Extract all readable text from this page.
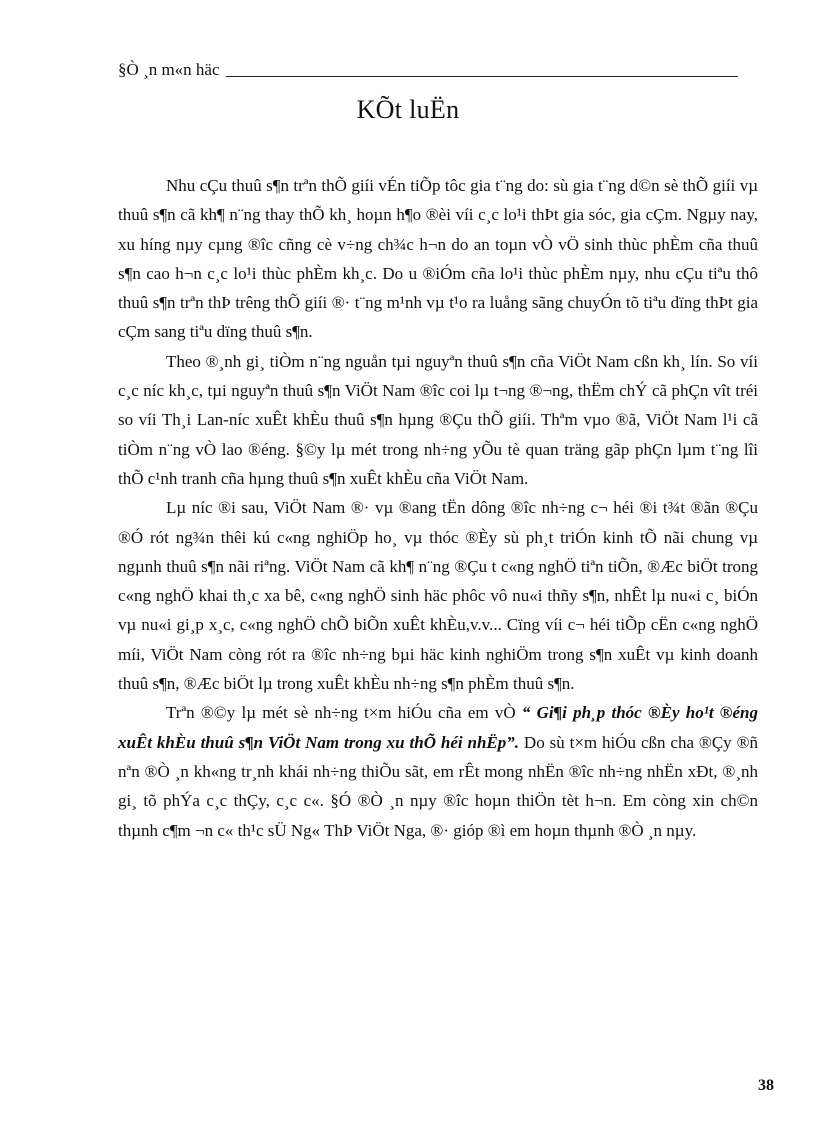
§Ò ¸n m«n häc
KÕt luËn

Nhu cÇu thuû s¶n trªn thÕ giíi vÉn tiÕp tôc gia t¨ng do: sù gia t¨ng d©n sè thÕ giíi vµ thuû s¶n cã kh¶ n¨ng thay thÕ kh¸ hoµn h¶o ®èi víi c¸c lo¹i thÞt gia sóc, gia cÇm. Ngµy nay, xu híng nµy cµng ®îc cñng cè v÷ng ch¾c h¬n do an toµn vÒ vÖ sinh thùc phÈm cña thuû s¶n cao h¬n c¸c lo¹i thùc phÈm kh¸c. Do u ®iÓm cña lo¹i thùc phÈm nµy, nhu cÇu tiªu thô thuû s¶n trªn thÞ trêng thÕ giíi ®· t¨ng m¹nh vµ t¹o ra luång sãng chuyÓn tõ tiªu dïng thÞt gia cÇm sang tiªu dïng thuû s¶n.

Theo ®¸nh gi¸ tiÒm n¨ng nguån tµi nguyªn thuû s¶n cña ViÖt Nam cßn kh¸ lín. So víi c¸c níc kh¸c, tµi nguyªn thuû s¶n ViÖt Nam ®îc coi lµ t¬ng ®¬ng, thËm chÝ cã phÇn vît tréi so víi Th¸i Lan-níc xuÊt khÈu thuû s¶n hµng ®Çu thÕ giíi. Thªm vµo ®ã, ViÖt Nam l¹i cã tiÒm n¨ng vÒ lao ®éng. §©y lµ mét trong nh÷ng yÕu tè quan träng gãp phÇn lµm t¨ng lîi thÕ c¹nh tranh cña hµng thuû s¶n xuÊt khÈu cña ViÖt Nam.

Lµ níc ®i sau, ViÖt Nam ®· vµ ®ang tËn dông ®îc nh÷ng c¬ héi ®i t¾t ®ãn ®Çu ®Ó rót ng¾n thêi kú c«ng nghiÖp ho¸ vµ thóc ®Èy sù ph¸t triÓn kinh tÕ nãi chung vµ ngµnh thuû s¶n nãi riªng. ViÖt Nam cã kh¶ n¨ng ®Çu t c«ng nghÖ tiªn tiÕn, ®Æc biÖt trong c«ng nghÖ khai th¸c xa bê, c«ng nghÖ sinh häc phôc vô nu«i thñy s¶n, nhÊt lµ nu«i c¸ biÓn vµ nu«i gi¸p x¸c, c«ng nghÖ chÕ biÕn xuÊt khÈu,v.v... Cïng víi c¬ héi tiÕp cËn c«ng nghÖ míi, ViÖt Nam còng rót ra ®îc nh÷ng bµi häc kinh nghiÖm trong s¶n xuÊt vµ kinh doanh thuû s¶n, ®Æc biÖt lµ trong xuÊt khÈu nh÷ng s¶n phÈm thuû s¶n.

Trªn ®©y lµ mét sè nh÷ng t×m hiÓu cña em vÒ “ Gi¶i ph¸p thóc ®Èy ho¹t ®éng xuÊt khÈu thuû s¶n ViÖt Nam trong xu thÕ héi nhËp”. Do sù t×m hiÓu cßn cha ®Çy ®ñ nªn ®Ò ¸n kh«ng tr¸nh khái nh÷ng thiÕu sãt, em rÊt mong nhËn ®îc nh÷ng nhËn xÐt, ®¸nh gi¸ tõ phÝa c¸c thÇy, c¸c c«. §Ó ®Ò ¸n nµy ®îc hoµn thiÖn tèt h¬n. Em còng xin ch©n thµnh c¶m ¬n c« th¹c sÜ Ng« ThÞ ViÖt Nga, ®· gióp ®ì em hoµn thµnh ®Ò ¸n nµy.

38
